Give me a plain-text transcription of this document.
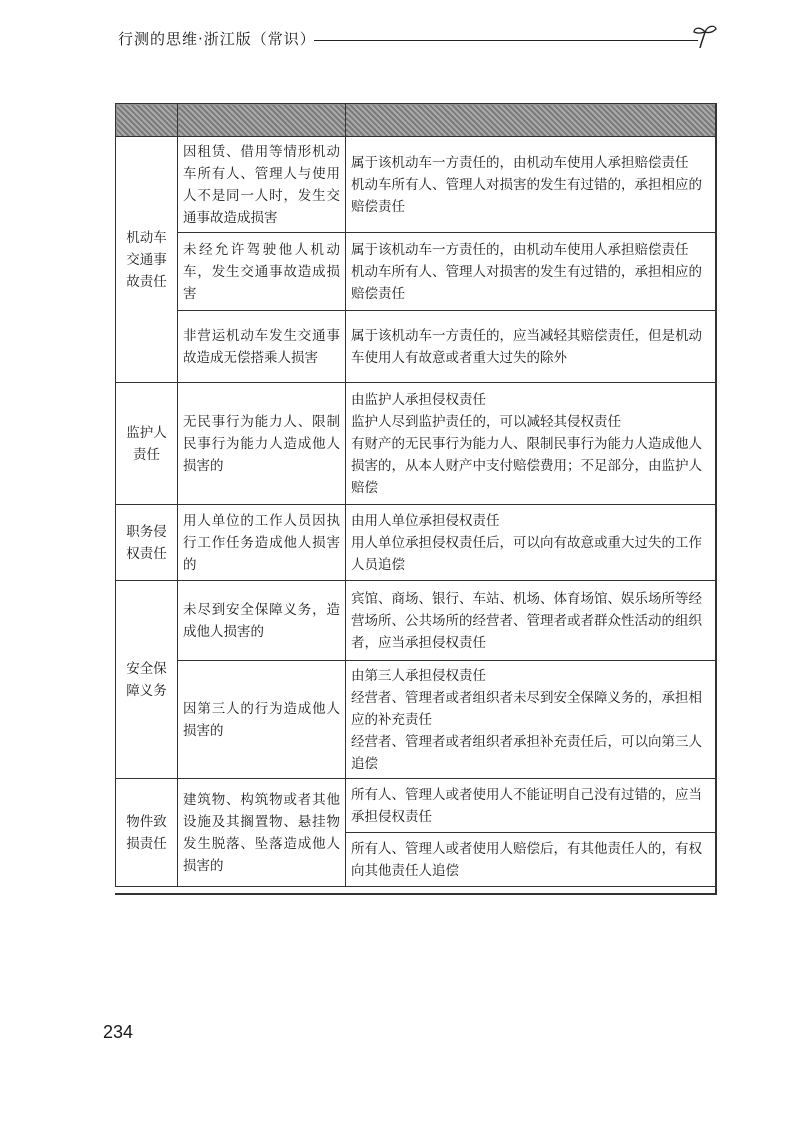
行测的思维·浙江版（常识）

机动车交通事故责任	因租赁、借用等情形机动车所有人、管理人与使用人不是同一人时，发生交通事故造成损害	属于该机动车一方责任的，由机动车使用人承担赔偿责任
机动车所有人、管理人对损害的发生有过错的，承担相应的赔偿责任

	未经允许驾驶他人机动车，发生交通事故造成损害	属于该机动车一方责任的，由机动车使用人承担赔偿责任
机动车所有人、管理人对损害的发生有过错的，承担相应的赔偿责任

	非营运机动车发生交通事故造成无偿搭乘人损害	属于该机动车一方责任的，应当减轻其赔偿责任，但是机动车使用人有故意或者重大过失的除外

监护人责任	无民事行为能力人、限制民事行为能力人造成他人损害的	由监护人承担侵权责任
监护人尽到监护责任的，可以减轻其侵权责任
有财产的无民事行为能力人、限制民事行为能力人造成他人损害的，从本人财产中支付赔偿费用；不足部分，由监护人赔偿

职务侵权责任	用人单位的工作人员因执行工作任务造成他人损害的	由用人单位承担侵权责任
用人单位承担侵权责任后，可以向有故意或重大过失的工作人员追偿

安全保障义务	未尽到安全保障义务，造成他人损害的	宾馆、商场、银行、车站、机场、体育场馆、娱乐场所等经营场所、公共场所的经营者、管理者或者群众性活动的组织者，应当承担侵权责任

	因第三人的行为造成他人损害的	由第三人承担侵权责任
经营者、管理者或者组织者未尽到安全保障义务的，承担相应的补充责任
经营者、管理者或者组织者承担补充责任后，可以向第三人追偿

物件致损责任	建筑物、构筑物或者其他设施及其搁置物、悬挂物发生脱落、坠落造成他人损害的	所有人、管理人或者使用人不能证明自己没有过错的，应当承担侵权责任

		所有人、管理人或者使用人赔偿后，有其他责任人的，有权向其他责任人追偿
234
